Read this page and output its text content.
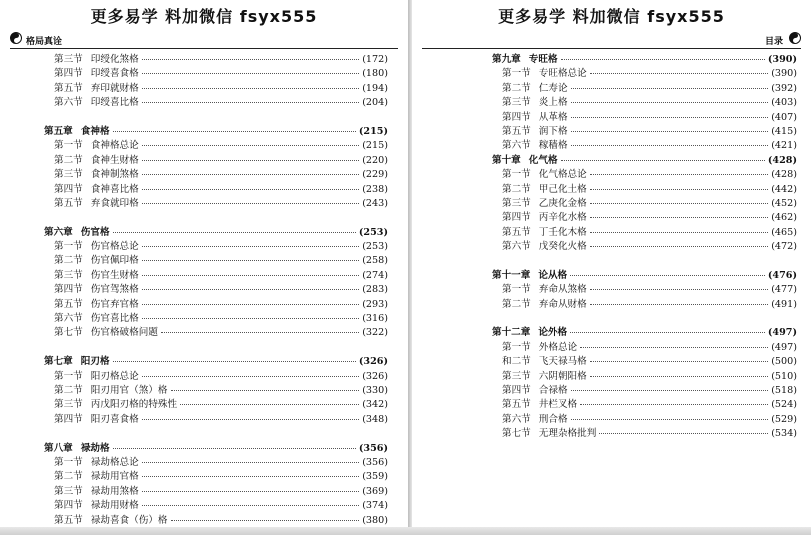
更多易学 料加微信 fsyx555
格局真诠
第三节 印绶化煞格	(172)
第四节 印绶喜食格	(180)
第五节 弃印就财格	(194)
第六节 印绶喜比格	(204)
第五章 食神格	(215)
第一节 食神格总论	(215)
第二节 食神生财格	(220)
第三节 食神制煞格	(229)
第四节 食神喜比格	(238)
第五节 弃食就印格	(243)
第六章 伤官格	(253)
第一节 伤官格总论	(253)
第二节 伤官佩印格	(258)
第三节 伤官生财格	(274)
第四节 伤官驾煞格	(283)
第五节 伤官弃官格	(293)
第六节 伤官喜比格	(316)
第七节 伤官格破格问题	(322)
第七章 阳刃格	(326)
第一节 阳刃格总论	(326)
第二节 阳刃用官（煞）格	(330)
第三节 丙戊阳刃格的特殊性	(342)
第四节 阳刃喜食格	(348)
第八章 禄劫格	(356)
第一节 禄劫格总论	(356)
第二节 禄劫用官格	(359)
第三节 禄劫用煞格	(369)
第四节 禄劫用财格	(374)
第五节 禄劫喜食（伤）格	(380)
更多易学 料加微信 fsyx555
目录
第九章 专旺格	(390)
第一节 专旺格总论	(390)
第二节 仁寿论	(392)
第三节 炎上格	(403)
第四节 从革格	(407)
第五节 润下格	(415)
第六节 稼穑格	(421)
第十章 化气格	(428)
第一节 化气格总论	(428)
第二节 甲己化土格	(442)
第三节 乙庚化金格	(452)
第四节 丙辛化水格	(462)
第五节 丁壬化木格	(465)
第六节 戊癸化火格	(472)
第十一章 论从格	(476)
第一节 弃命从煞格	(477)
第二节 弃命从财格	(491)
第十二章 论外格	(497)
第一节 外格总论	(497)
和二节 飞天禄马格	(500)
第三节 六阴朝阳格	(510)
第四节 合禄格	(518)
第五节 井栏叉格	(524)
第六节 刑合格	(529)
第七节 无理杂格批判	(534)
